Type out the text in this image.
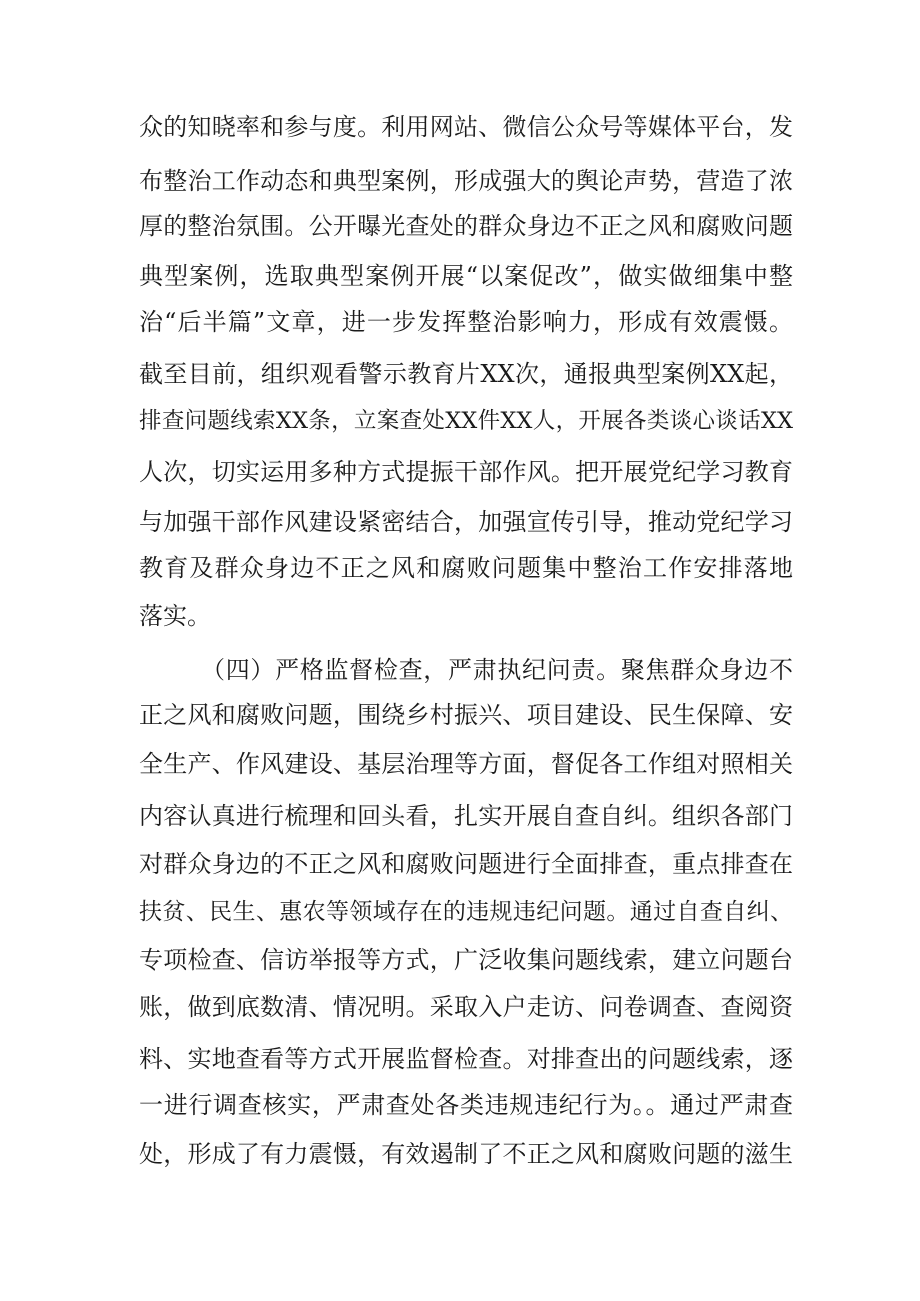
众的知晓率和参与度。利用网站、微信公众号等媒体平台，发
布整治工作动态和典型案例，形成强大的舆论声势，营造了浓
厚的整治氛围。公开曝光查处的群众身边不正之风和腐败问题
典型案例，选取典型案例开展“以案促改”，做实做细集中整
治“后半篇”文章，进一步发挥整治影响力，形成有效震慑。
截至目前，组织观看警示教育片XX次，通报典型案例XX起，
排查问题线索XX条，立案查处XX件XX人，开展各类谈心谈话XX
人次，切实运用多种方式提振干部作风。把开展党纪学习教育
与加强干部作风建设紧密结合，加强宣传引导，推动党纪学习
教育及群众身边不正之风和腐败问题集中整治工作安排落地
落实。
（四）严格监督检查，严肃执纪问责。聚焦群众身边不
正之风和腐败问题，围绕乡村振兴、项目建设、民生保障、安
全生产、作风建设、基层治理等方面，督促各工作组对照相关
内容认真进行梳理和回头看，扎实开展自查自纠。组织各部门
对群众身边的不正之风和腐败问题进行全面排查，重点排查在
扶贫、民生、惠农等领域存在的违规违纪问题。通过自查自纠、
专项检查、信访举报等方式，广泛收集问题线索，建立问题台
账，做到底数清、情况明。采取入户走访、问卷调查、查阅资
料、实地查看等方式开展监督检查。对排查出的问题线索，逐
一进行调查核实，严肃查处各类违规违纪行为。。通过严肃查
处，形成了有力震慑，有效遏制了不正之风和腐败问题的滋生
